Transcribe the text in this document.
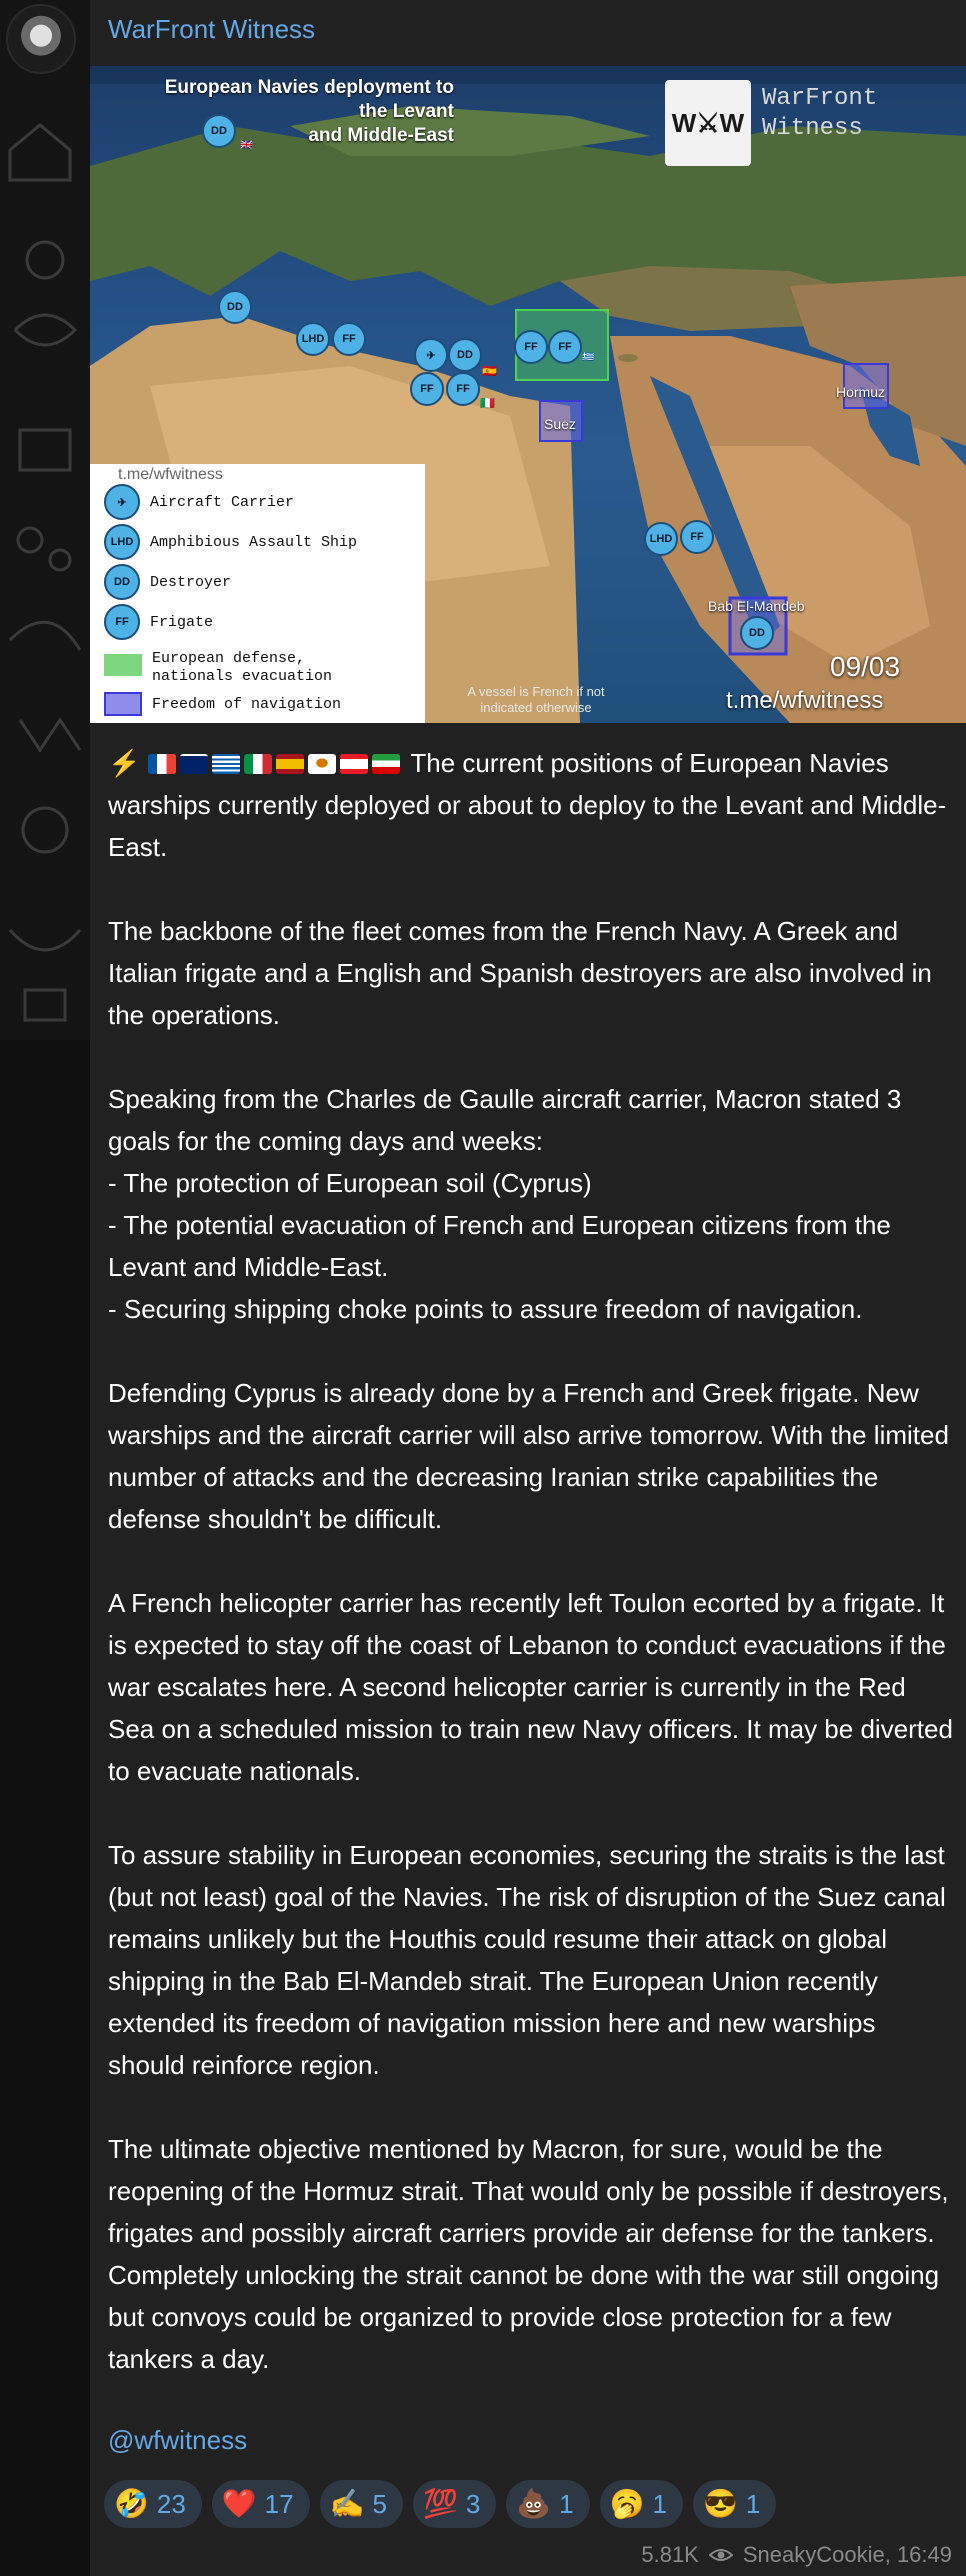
WarFront Witness
European Navies deployment to the Levant
and Middle-East	W⚔W
WarFront
Witness
DD
🇬🇧
DD
LHD	FF
✈	DD
🇪🇸
FF	FF
🇮🇹
FF	FF
🇬🇷
LHD	FF
DD
Suez
Hormuz
Bab El-Mandeb
09/03
t.me/wfwitness
A vessel is French if not
indicated otherwise
t.me/wfwitness
✈	Aircraft Carrier
LHD	Amphibious Assault Ship
DD	Destroyer
FF	Frigate
European defense,
nationals evacuation
Freedom of navigation
⚡	The current positions of European Navies warships currently deployed or about to deploy to the Levant and Middle-East.

The backbone of the fleet comes from the French Navy. A Greek and Italian frigate and a English and Spanish destroyers are also involved in the operations.

Speaking from the Charles de Gaulle aircraft carrier, Macron stated 3 goals for the coming days and weeks:
- The protection of European soil (Cyprus)
- The potential evacuation of French and European citizens from the Levant and Middle-East.
- Securing shipping choke points to assure freedom of navigation.

Defending Cyprus is already done by a French and Greek frigate. New warships and the aircraft carrier will also arrive tomorrow. With the limited number of attacks and the decreasing Iranian strike capabilities the defense shouldn't be difficult.

A French helicopter carrier has recently left Toulon ecorted by a frigate. It is expected to stay off the coast of Lebanon to conduct evacuations if the war escalates here. A second helicopter carrier is currently in the Red Sea on a scheduled mission to train new Navy officers. It may be diverted to evacuate nationals.

To assure stability in European economies, securing the straits is the last (but not least) goal of the Navies. The risk of disruption of the Suez canal remains unlikely but the Houthis could resume their attack on global shipping in the Bab El-Mandeb strait. The European Union recently extended its freedom of navigation mission here and new warships should reinforce region.

The ultimate objective mentioned by Macron, for sure, would be the reopening of the Hormuz strait. That would only be possible if destroyers, frigates and possibly aircraft carriers provide air defense for the tankers. Completely unlocking the strait cannot be done with the war still ongoing but convoys could be organized to provide close protection for a few tankers a day.
@wfwitness
🤣 23 ❤️ 17 ✍️ 5 💯 3 💩 1 🥱 1 😎 1
5.81K SneakyCookie, 16:49
